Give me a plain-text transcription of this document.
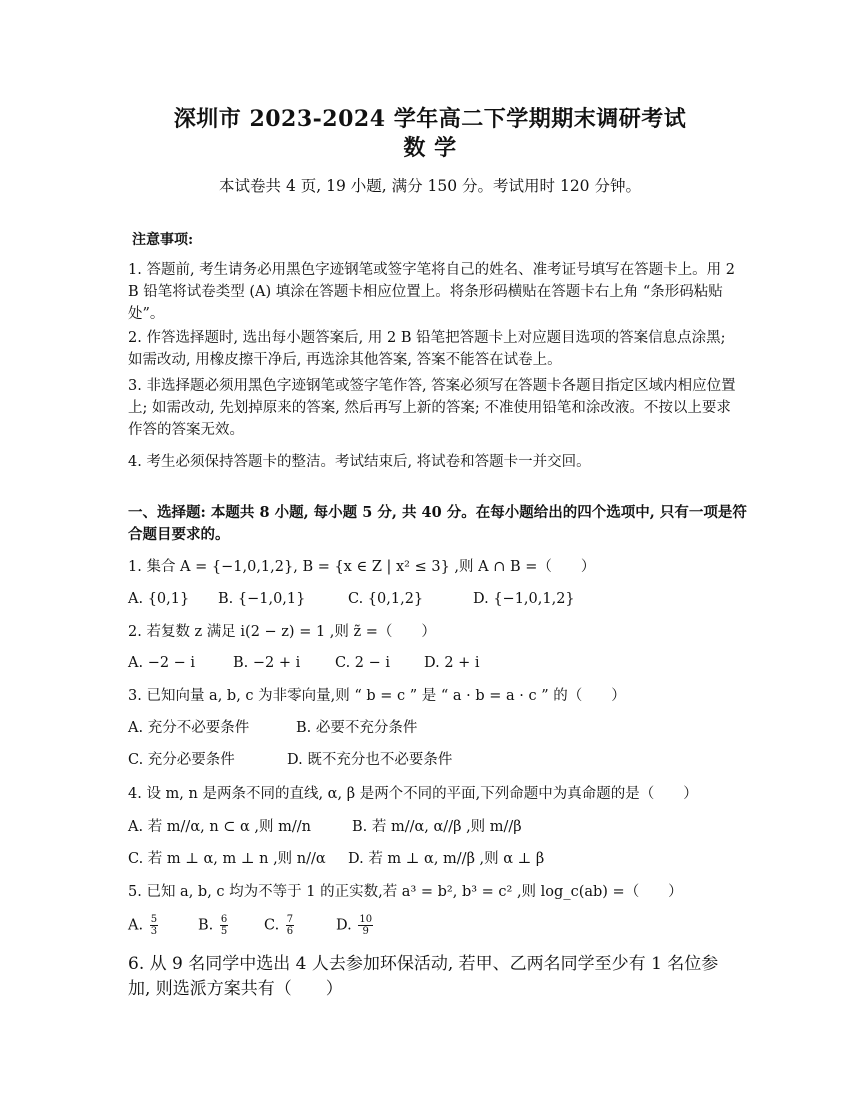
深圳市 2023-2024 学年高二下学期期末调研考试
数 学
本试卷共 4 页, 19 小题, 满分 150 分。考试用时 120 分钟。
注意事项:
1. 答题前, 考生请务必用黑色字迹钢笔或签字笔将自己的姓名、准考证号填写在答题卡上。用 2 B 铅笔将试卷类型 (A) 填涂在答题卡相应位置上。将条形码横贴在答题卡右上角 “条形码粘贴处”。
2. 作答选择题时, 选出每小题答案后, 用 2 B 铅笔把答题卡上对应题目选项的答案信息点涂黑; 如需改动, 用橡皮擦干净后, 再选涂其他答案, 答案不能答在试卷上。
3. 非选择题必须用黑色字迹钢笔或签字笔作答, 答案必须写在答题卡各题目指定区域内相应位置上; 如需改动, 先划掉原来的答案, 然后再写上新的答案; 不准使用铅笔和涂改液。不按以上要求作答的答案无效。
4. 考生必须保持答题卡的整洁。考试结束后, 将试卷和答题卡一并交回。
一、选择题: 本题共 8 小题, 每小题 5 分, 共 40 分。在每小题给出的四个选项中, 只有一项是符合题目要求的。
1. 集合 A = {−1,0,1,2}, B = {x ∈ Z | x² ≤ 3} ,则 A ∩ B =（　　）
A. {0,1} B. {−1,0,1}	C. {0,1,2}	D. {−1,0,1,2}
2. 若复数 z 满足 i(2 − z) = 1 ,则 z̃ =（　　）
A. −2 − i	B. −2 + i C. 2 − i D. 2 + i
3. 已知向量 a, b, c 为非零向量,则 “ b = c ” 是 “ a · b = a · c ” 的（　　）
A. 充分不必要条件	B. 必要不充分条件
C. 充分必要条件	D. 既不充分也不必要条件
4. 设 m, n 是两条不同的直线, α, β 是两个不同的平面,下列命题中为真命题的是（　　）
A. 若 m//α, n ⊂ α ,则 m//n	B. 若 m//α, α//β ,则 m//β
C. 若 m ⊥ α, m ⊥ n ,则 n//α D. 若 m ⊥ α, m//β ,则 α ⊥ β
5. 已知 a, b, c 均为不等于 1 的正实数,若 a³ = b², b³ = c² ,则 log_c(ab) =（　　）
A. $\frac{5}{3}$	B. $\frac{6}{5} C$. $\frac{7}{6}$	D. $\frac{10}{9}$
6. 从 9 名同学中选出 4 人去参加环保活动, 若甲、乙两名同学至少有 1 名位参加, 则选派方案共有（　　）
